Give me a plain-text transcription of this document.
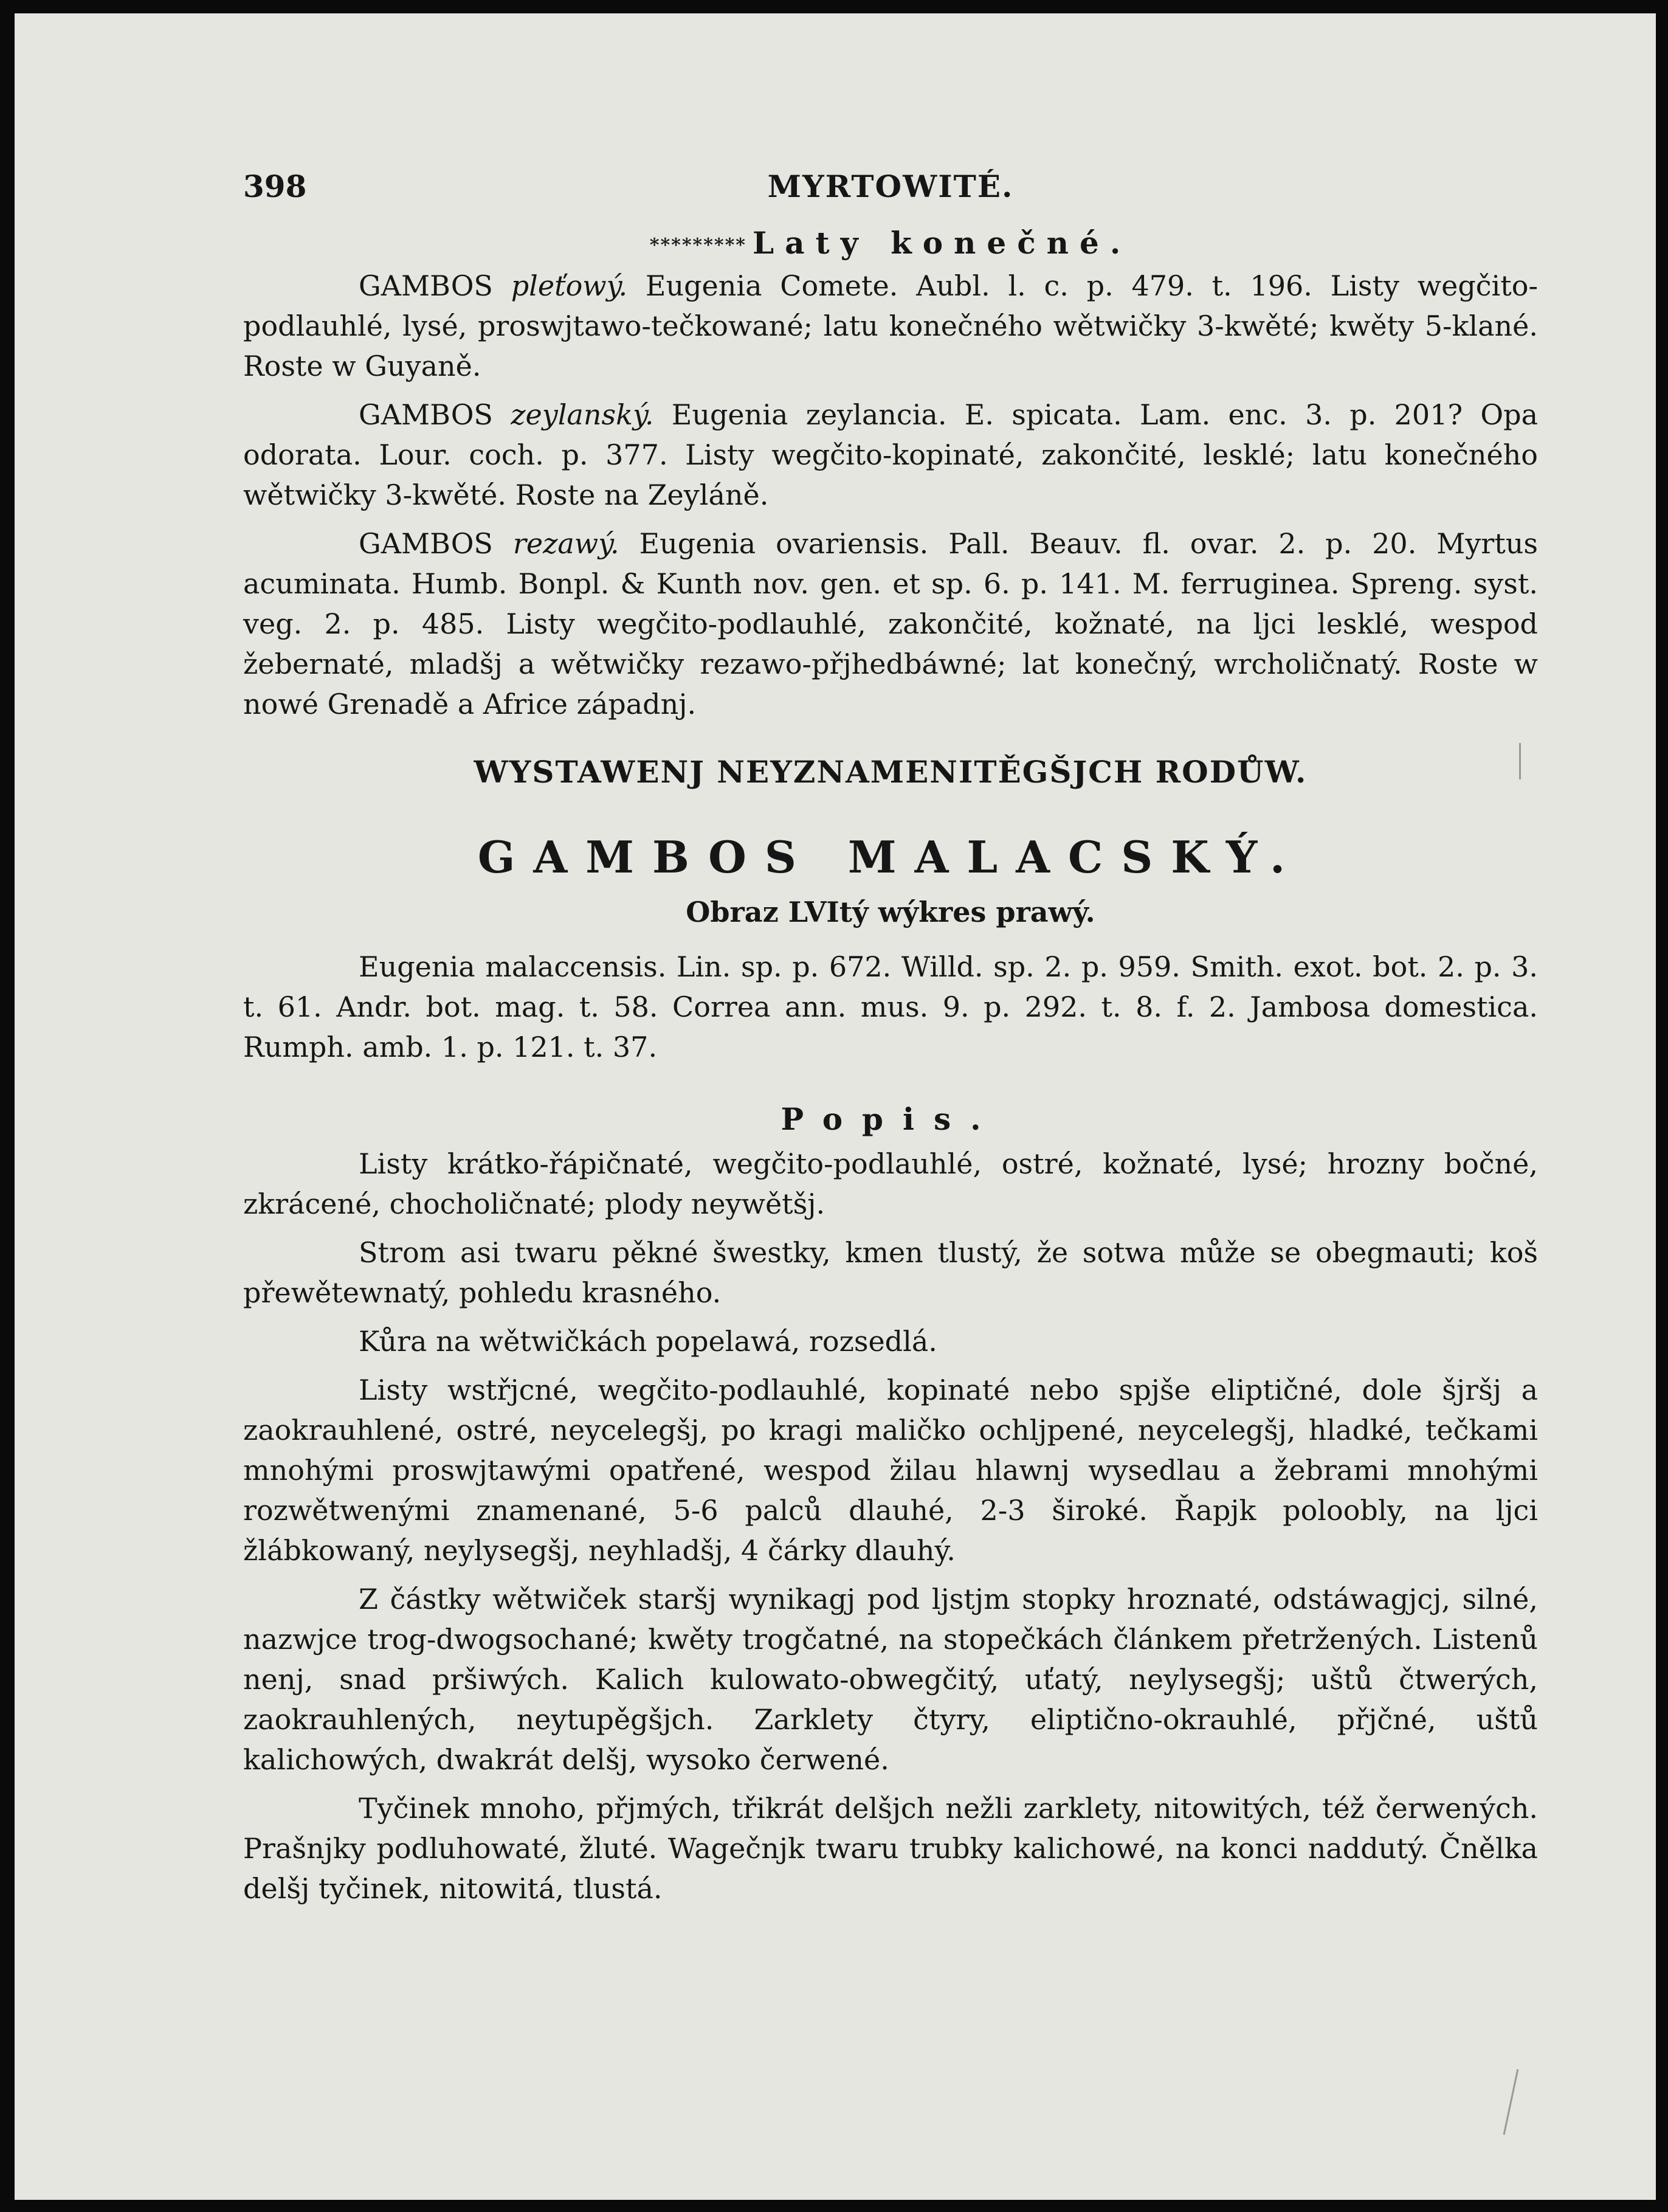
398	MYRTOWITÉ.
********* Laty konečné.

GAMBOS pleťowý. Eugenia Comete. Aubl. l. c. p. 479. t. 196. Listy wegčito-podlauhlé, lysé, proswjtawo-tečkowané; latu konečného wětwičky 3-kwěté; kwěty 5-klané. Roste w Guyaně.

GAMBOS zeylanský. Eugenia zeylancia. E. spicata. Lam. enc. 3. p. 201? Opa odorata. Lour. coch. p. 377. Listy wegčito-kopinaté, zakončité, lesklé; latu konečného wětwičky 3-kwěté. Roste na Zeyláně.

GAMBOS rezawý. Eugenia ovariensis. Pall. Beauv. fl. ovar. 2. p. 20. Myrtus acuminata. Humb. Bonpl. & Kunth nov. gen. et sp. 6. p. 141. M. ferruginea. Spreng. syst. veg. 2. p. 485. Listy wegčito-podlauhlé, zakončité, kožnaté, na ljci lesklé, wespod žebernaté, mladšj a wětwičky rezawo-přjhedbáwné; lat konečný, wrcholičnatý. Roste w nowé Grenadě a Africe západnj.

WYSTAWENJ NEYZNAMENITĚGŠJCH RODŮW.
GAMBOS MALACSKÝ.
Obraz LVItý wýkres prawý.

Eugenia malaccensis. Lin. sp. p. 672. Willd. sp. 2. p. 959. Smith. exot. bot. 2. p. 3. t. 61. Andr. bot. mag. t. 58. Correa ann. mus. 9. p. 292. t. 8. f. 2. Jambosa domestica. Rumph. amb. 1. p. 121. t. 37.

Popis.

Listy krátko-řápičnaté, wegčito-podlauhlé, ostré, kožnaté, lysé; hrozny bočné, zkrácené, chocholičnaté; plody neywětšj.

Strom asi twaru pěkné šwestky, kmen tlustý, že sotwa může se obegmauti; koš přewětewnatý, pohledu krasného.

Kůra na wětwičkách popelawá, rozsedlá.

Listy wstřjcné, wegčito-podlauhlé, kopinaté nebo spjše eliptičné, dole šjršj a zaokrauhlené, ostré, neycelegšj, po kragi maličko ochljpené, neycelegšj, hladké, tečkami mnohými proswjtawými opatřené, wespod žilau hlawnj wysedlau a žebrami mnohými rozwětwenými znamenané, 5-6 palců dlauhé, 2-3 široké. Řapjk poloobly, na ljci žlábkowaný, neylysegšj, neyhladšj, 4 čárky dlauhý.

Z částky wětwiček staršj wynikagj pod ljstjm stopky hroznaté, odstáwagjcj, silné, nazwjce trog-dwogsochané; kwěty trogčatné, na stopečkách článkem přetržených. Listenů nenj, snad pršiwých. Kalich kulowato-obwegčitý, uťatý, neylysegšj; uštů čtwerých, zaokrauhlených, neytupěgšjch. Zarklety čtyry, eliptično-okrauhlé, přjčné, uštů kalichowých, dwakrát delšj, wysoko čerwené.

Tyčinek mnoho, přjmých, třikrát delšjch nežli zarklety, nitowitých, též čerwených. Prašnjky podluhowaté, žluté. Wagečnjk twaru trubky kalichowé, na konci naddutý. Čnělka delšj tyčinek, nitowitá, tlustá.
